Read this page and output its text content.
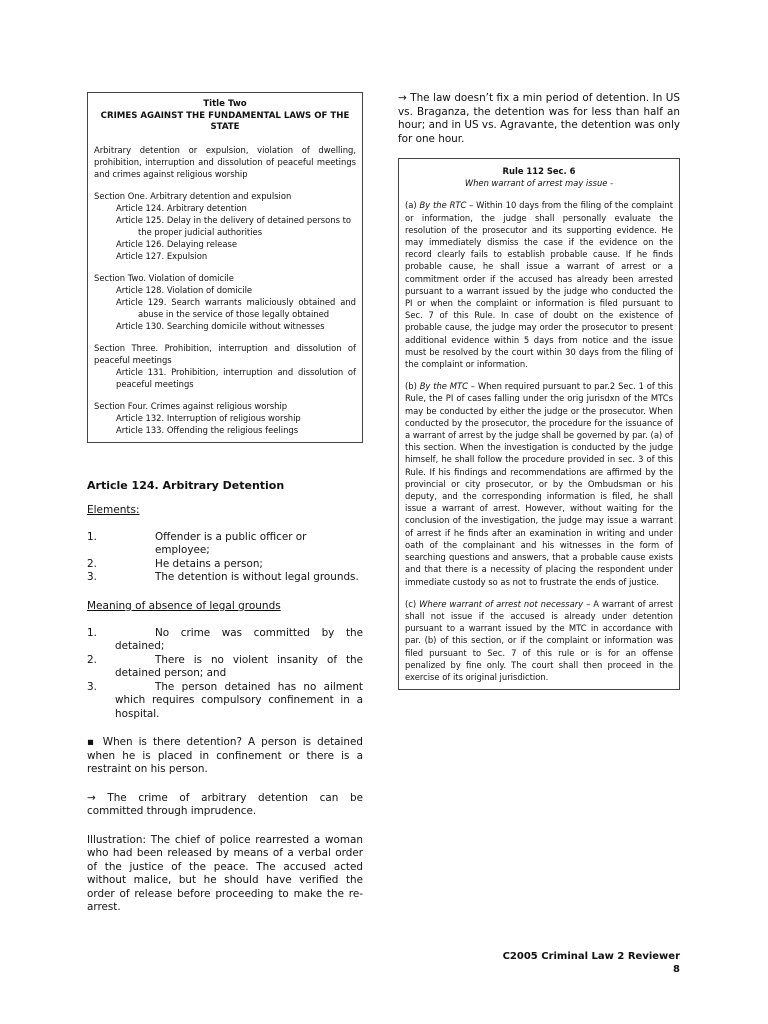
Title Two
CRIMES AGAINST THE FUNDAMENTAL LAWS OF THE STATE

Arbitrary detention or expulsion, violation of dwelling, prohibition, interruption and dissolution of peaceful meetings and crimes against religious worship

Section One. Arbitrary detention and expulsion

Article 124. Arbitrary detention

Article 125. Delay in the delivery of detained persons to the proper judicial authorities

Article 126. Delaying release

Article 127. Expulsion

Section Two. Violation of domicile

Article 128. Violation of domicile

Article 129. Search warrants maliciously obtained and abuse in the service of those legally obtained

Article 130. Searching domicile without witnesses

Section Three. Prohibition, interruption and dissolution of peaceful meetings

Article 131. Prohibition, interruption and dissolution of peaceful meetings

Section Four. Crimes against religious worship

Article 132. Interruption of religious worship

Article 133. Offending the religious feelings

Article 124. Arbitrary Detention
Elements:
1.	Offender is a public officer or employee;
2.	He detains a person;
3.	The detention is without legal grounds.
Meaning of absence of legal grounds
1.	No crime was committed by the detained;
2.	There is no violent insanity of the detained person; and
3.	The person detained has no ailment which requires compulsory confinement in a hospital.

▪ When is there detention? A person is detained when he is placed in confinement or there is a restraint on his person.

→ The crime of arbitrary detention can be committed through imprudence.

Illustration: The chief of police rearrested a woman who had been released by means of a verbal order of the justice of the peace. The accused acted without malice, but he should have verified the order of release before proceeding to make the re-arrest.

→ The law doesn’t fix a min period of detention. In US vs. Braganza, the detention was for less than half an hour; and in US vs. Agravante, the detention was only for one hour.

Rule 112 Sec. 6

When warrant of arrest may issue -

(a) By the RTC – Within 10 days from the filing of the complaint or information, the judge shall personally evaluate the resolution of the prosecutor and its supporting evidence. He may immediately dismiss the case if the evidence on the record clearly fails to establish probable cause. If he finds probable cause, he shall issue a warrant of arrest or a commitment order if the accused has already been arrested pursuant to a warrant issued by the judge who conducted the PI or when the complaint or information is filed pursuant to Sec. 7 of this Rule. In case of doubt on the existence of probable cause, the judge may order the prosecutor to present additional evidence within 5 days from notice and the issue must be resolved by the court within 30 days from the filing of the complaint or information.

(b) By the MTC – When required pursuant to par.2 Sec. 1 of this Rule, the PI of cases falling under the orig jurisdxn of the MTCs may be conducted by either the judge or the prosecutor. When conducted by the prosecutor, the procedure for the issuance of a warrant of arrest by the judge shall be governed by par. (a) of this section. When the investigation is conducted by the judge himself, he shall follow the procedure provided in sec. 3 of this Rule. If his findings and recommendations are affirmed by the provincial or city prosecutor, or by the Ombudsman or his deputy, and the corresponding information is filed, he shall issue a warrant of arrest. However, without waiting for the conclusion of the investigation, the judge may issue a warrant of arrest if he finds after an examination in writing and under oath of the complainant and his witnesses in the form of searching questions and answers, that a probable cause exists and that there is a necessity of placing the respondent under immediate custody so as not to frustrate the ends of justice.

(c) Where warrant of arrest not necessary – A warrant of arrest shall not issue if the accused is already under detention pursuant to a warrant issued by the MTC in accordance with par. (b) of this section, or if the complaint or information was filed pursuant to Sec. 7 of this rule or is for an offense penalized by fine only. The court shall then proceed in the exercise of its original jurisdiction.

C2005 Criminal Law 2 Reviewer
8
